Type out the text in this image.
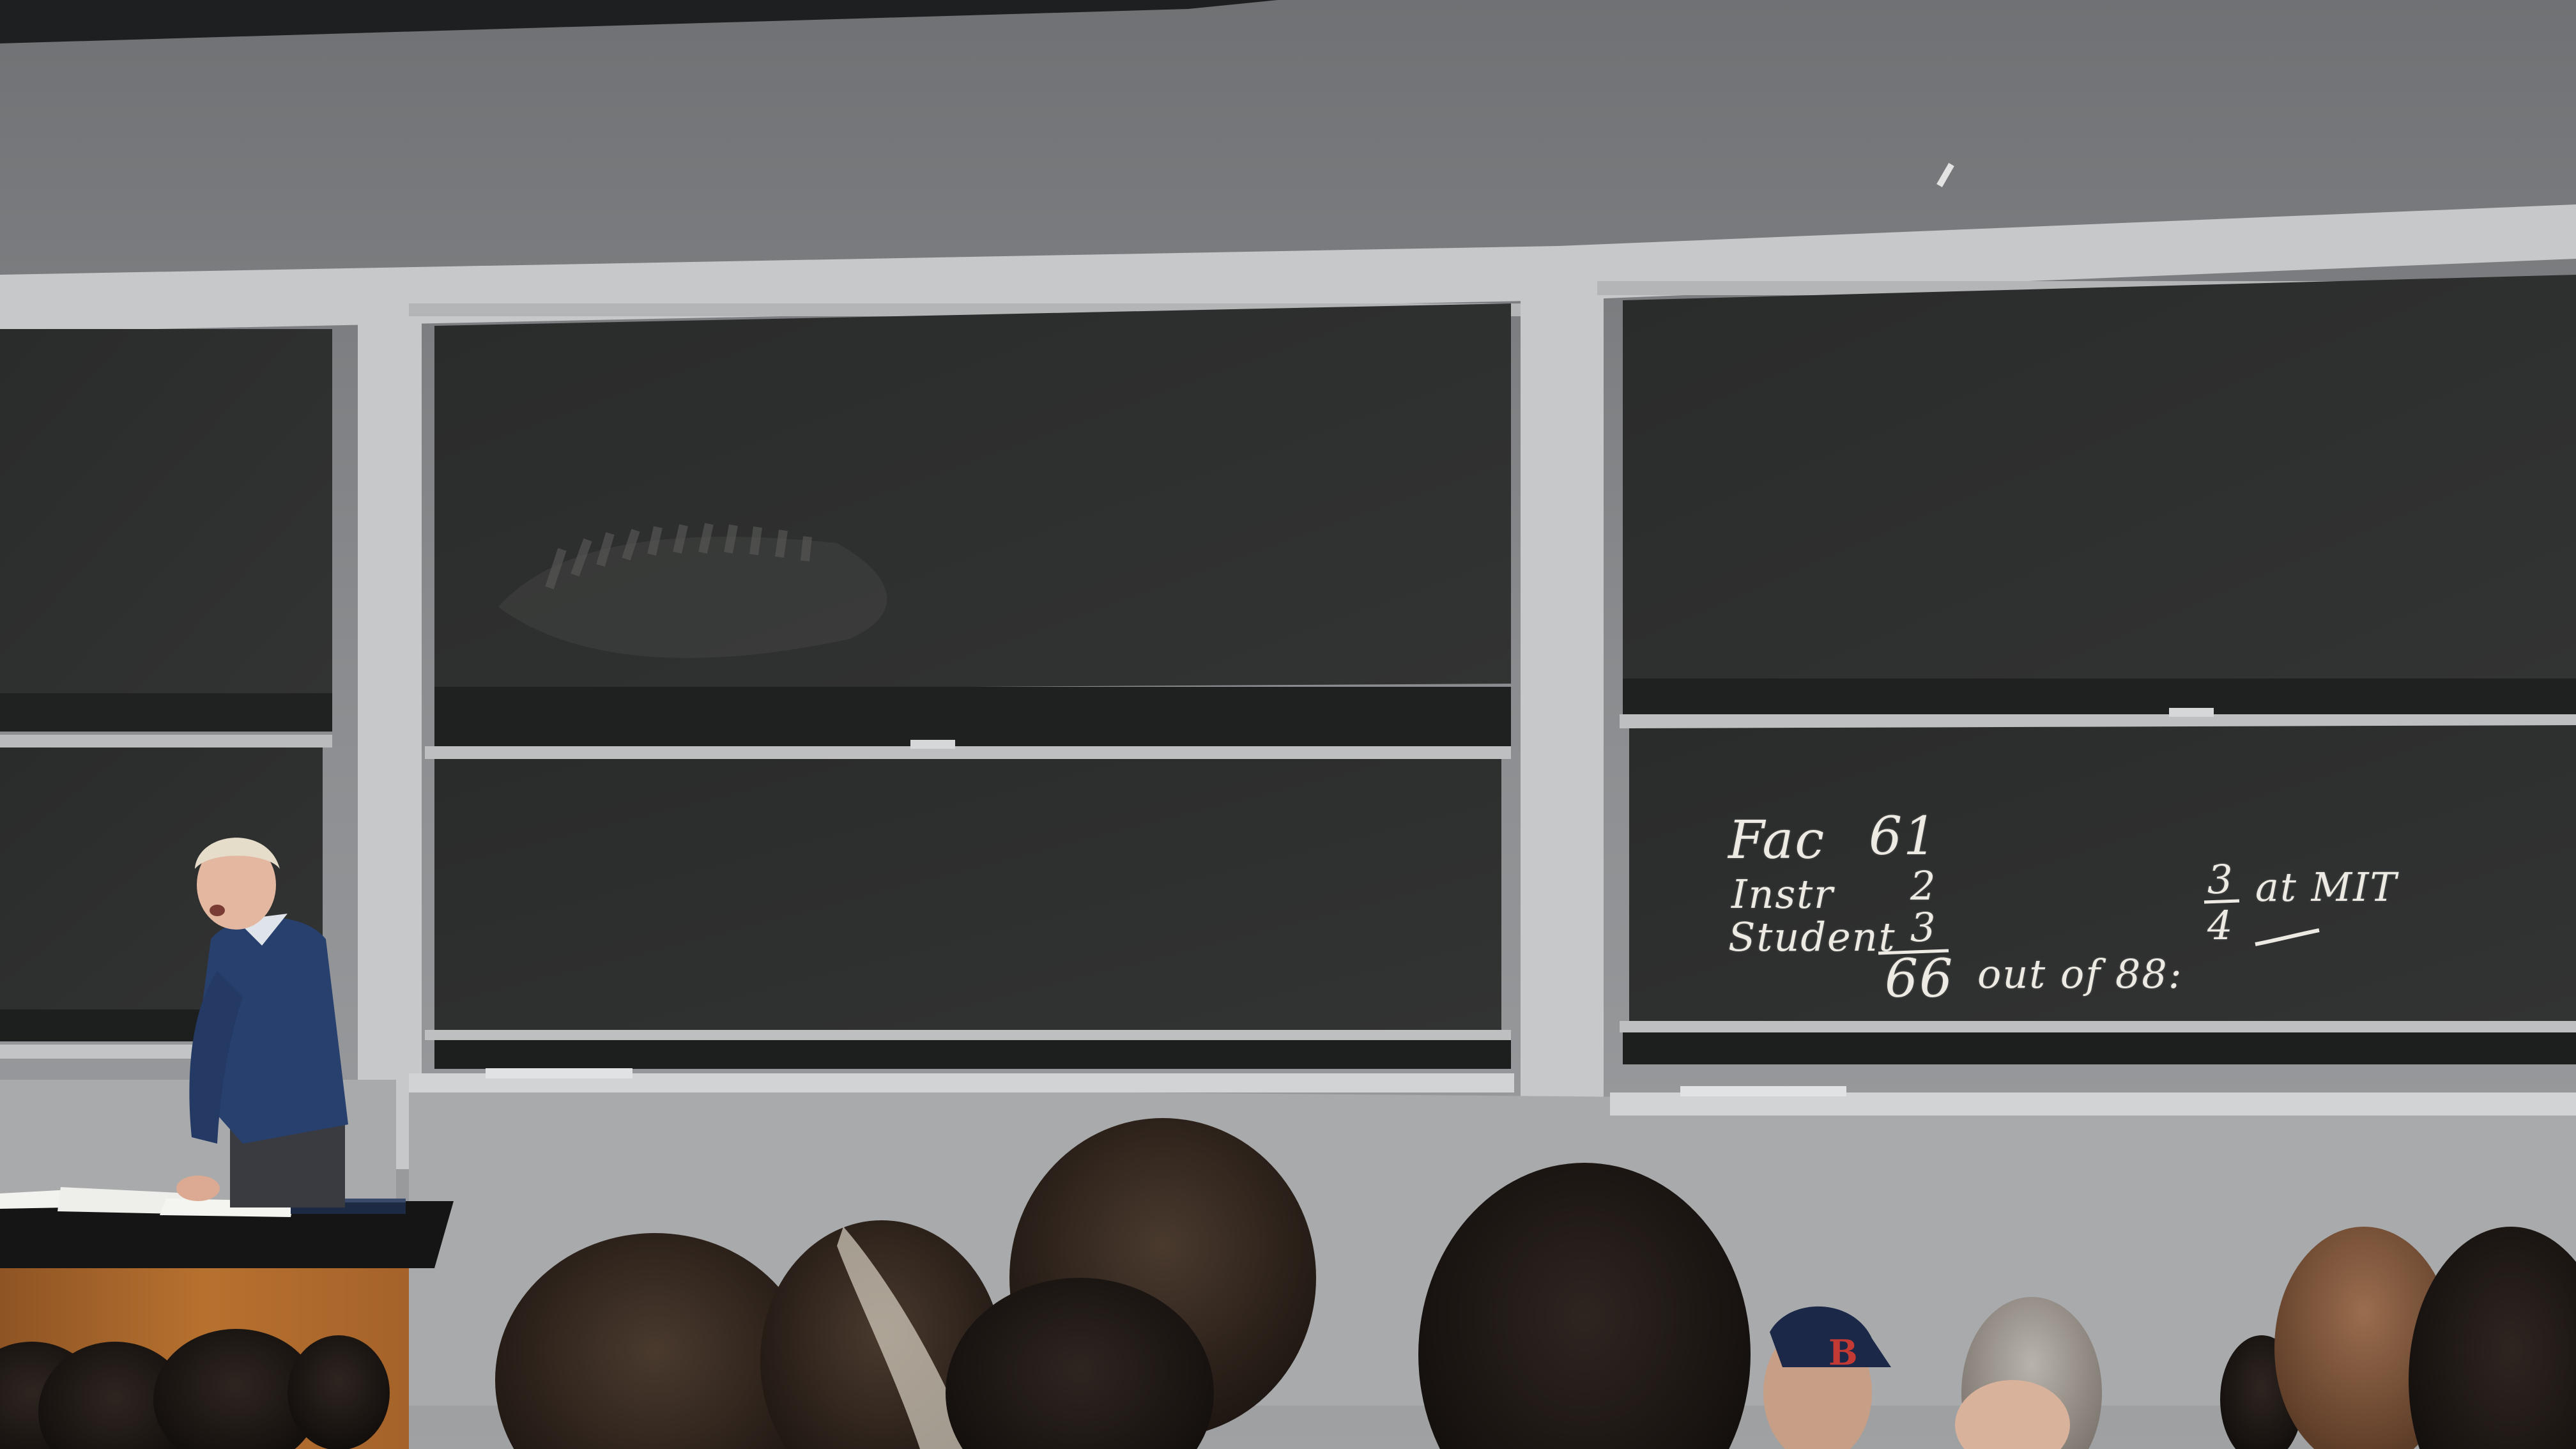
Fac 61
Instr 2
Student 3
66 out of 88:
3
4
at MIT
B
